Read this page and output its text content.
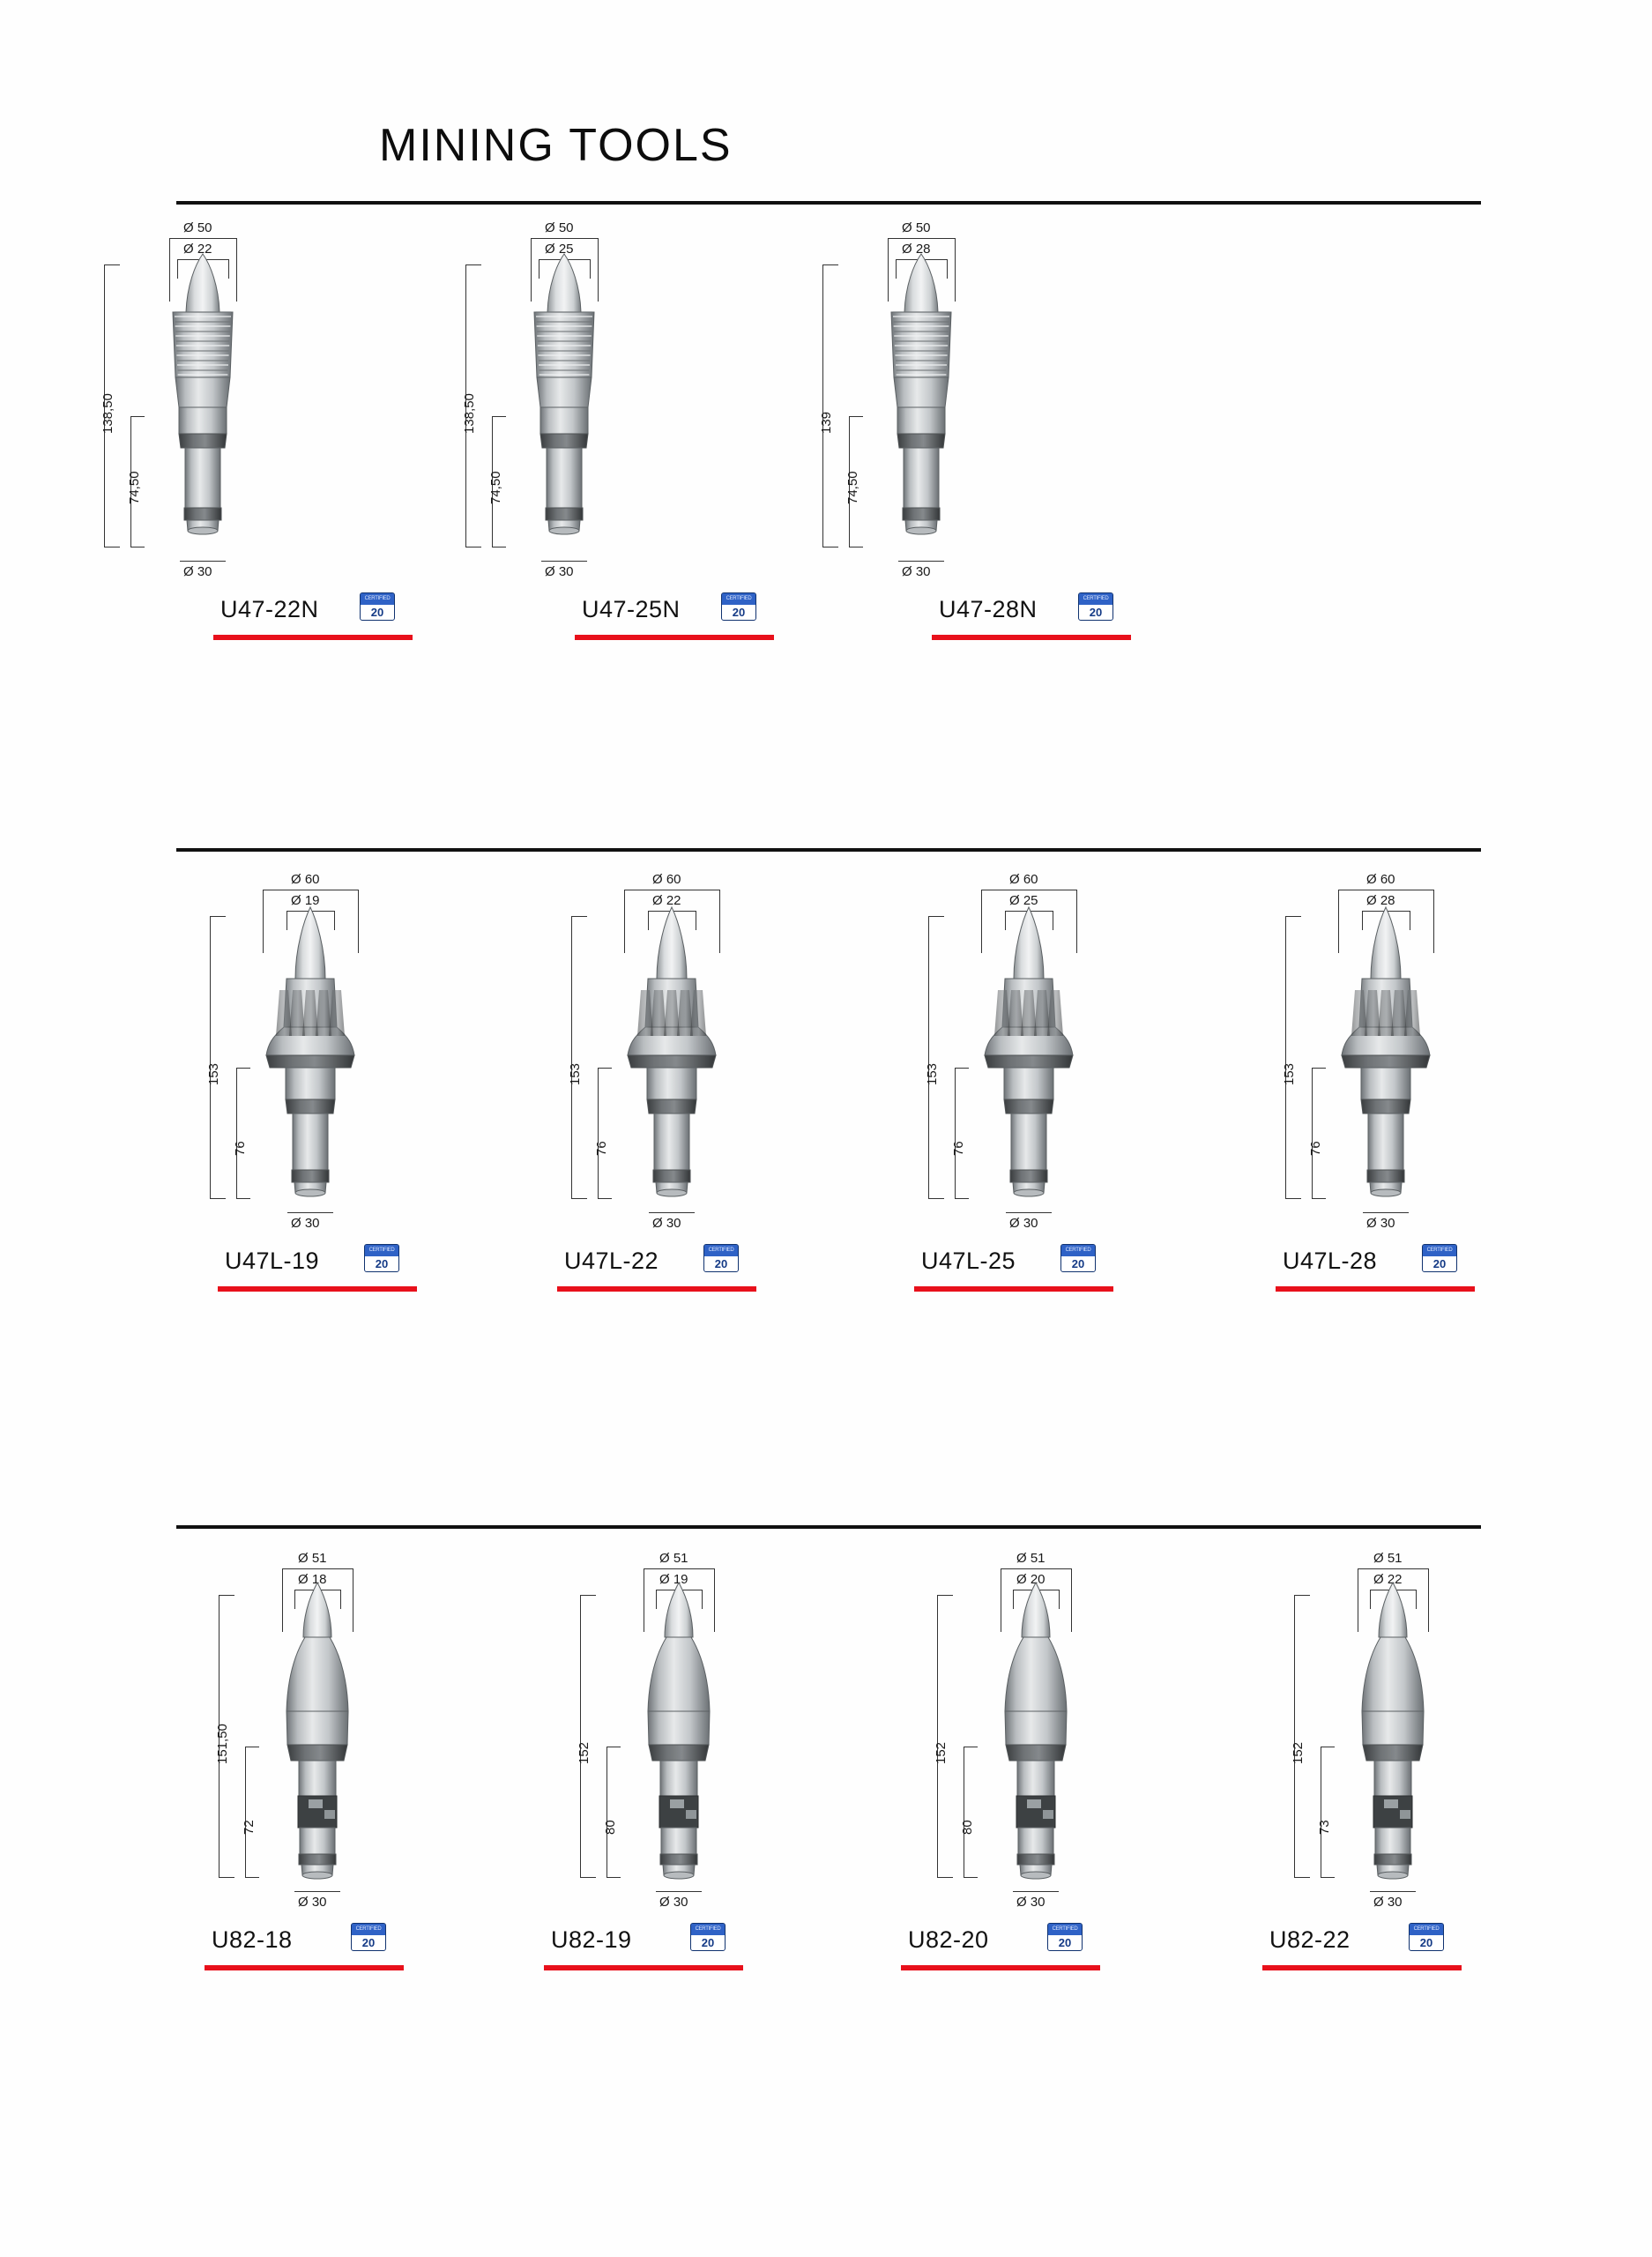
MINING TOOLS
Ø 50
Ø 22
138,50
74,50
Ø 30
U47-22N	CERTIFIED
20
Ø 50
Ø 25
138,50
74,50
Ø 30
U47-25N	CERTIFIED
20
Ø 50
Ø 28
139
74,50
Ø 30
U47-28N	CERTIFIED
20
Ø 60
Ø 19
153
76
Ø 30
U47L-19	CERTIFIED
20
Ø 60
Ø 22
153
76
Ø 30
U47L-22	CERTIFIED
20
Ø 60
Ø 25
153
76
Ø 30
U47L-25	CERTIFIED
20
Ø 60
Ø 28
153
76
Ø 30
U47L-28	CERTIFIED
20
Ø 51
Ø 18
151,50
72
Ø 30
U82-18	CERTIFIED
20
Ø 51
Ø 19
152
80
Ø 30
U82-19	CERTIFIED
20
Ø 51
Ø 20
152
80
Ø 30
U82-20	CERTIFIED
20
Ø 51
Ø 22
152
73
Ø 30
U82-22	CERTIFIED
20
